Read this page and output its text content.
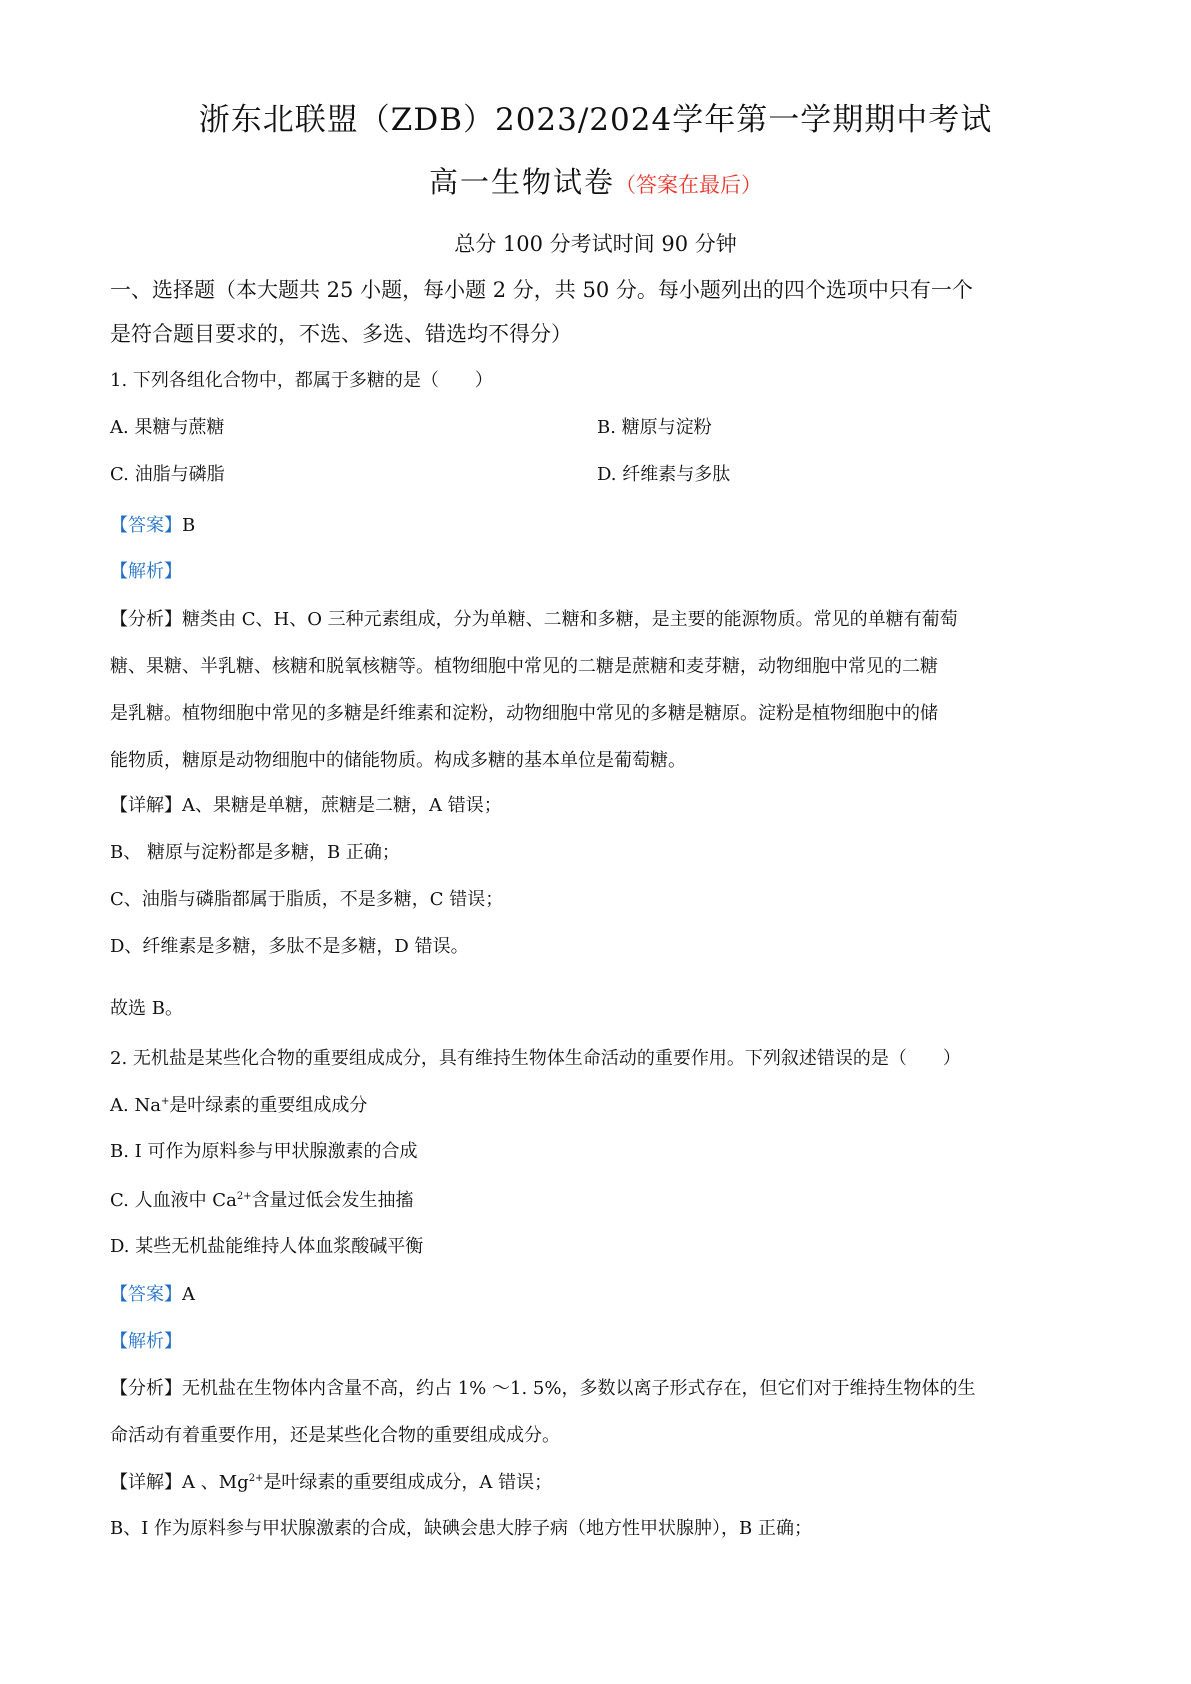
浙东北联盟（ZDB）2023/2024学年第一学期期中考试
高一生物试卷（答案在最后）
总分 100 分考试时间 90 分钟
一、选择题（本大题共 25 小题，每小题 2 分，共 50 分。每小题列出的四个选项中只有一个
是符合题目要求的，不选、多选、错选均不得分）
1. 下列各组化合物中，都属于多糖的是（　　）
A. 果糖与蔗糖	B. 糖原与淀粉
C. 油脂与磷脂	D. 纤维素与多肽
【答案】B
【解析】
【分析】糖类由 C、H、O 三种元素组成，分为单糖、二糖和多糖，是主要的能源物质。常见的单糖有葡萄
糖、果糖、半乳糖、核糖和脱氧核糖等。植物细胞中常见的二糖是蔗糖和麦芽糖，动物细胞中常见的二糖
是乳糖。植物细胞中常见的多糖是纤维素和淀粉，动物细胞中常见的多糖是糖原。淀粉是植物细胞中的储
能物质，糖原是动物细胞中的储能物质。构成多糖的基本单位是葡萄糖。
【详解】A、果糖是单糖，蔗糖是二糖，A 错误；
B、 糖原与淀粉都是多糖，B 正确；
C、油脂与磷脂都属于脂质，不是多糖，C 错误；
D、纤维素是多糖，多肽不是多糖，D 错误。
故选 B。
2. 无机盐是某些化合物的重要组成成分，具有维持生物体生命活动的重要作用。下列叙述错误的是（　　）
A. Na+是叶绿素的重要组成成分
B. I 可作为原料参与甲状腺激素的合成
C. 人血液中 $Ca^{2+}$含量过低会发生抽搐
D. 某些无机盐能维持人体血浆酸碱平衡
【答案】A
【解析】
【分析】无机盐在生物体内含量不高，约占 1% ～1. 5%，多数以离子形式存在，但它们对于维持生物体的生
命活动有着重要作用，还是某些化合物的重要组成成分。
【详解】A 、$Mg^{2+}$是叶绿素的重要组成成分，A 错误；
B、I 作为原料参与甲状腺激素的合成，缺碘会患大脖子病（地方性甲状腺肿），B 正确；
